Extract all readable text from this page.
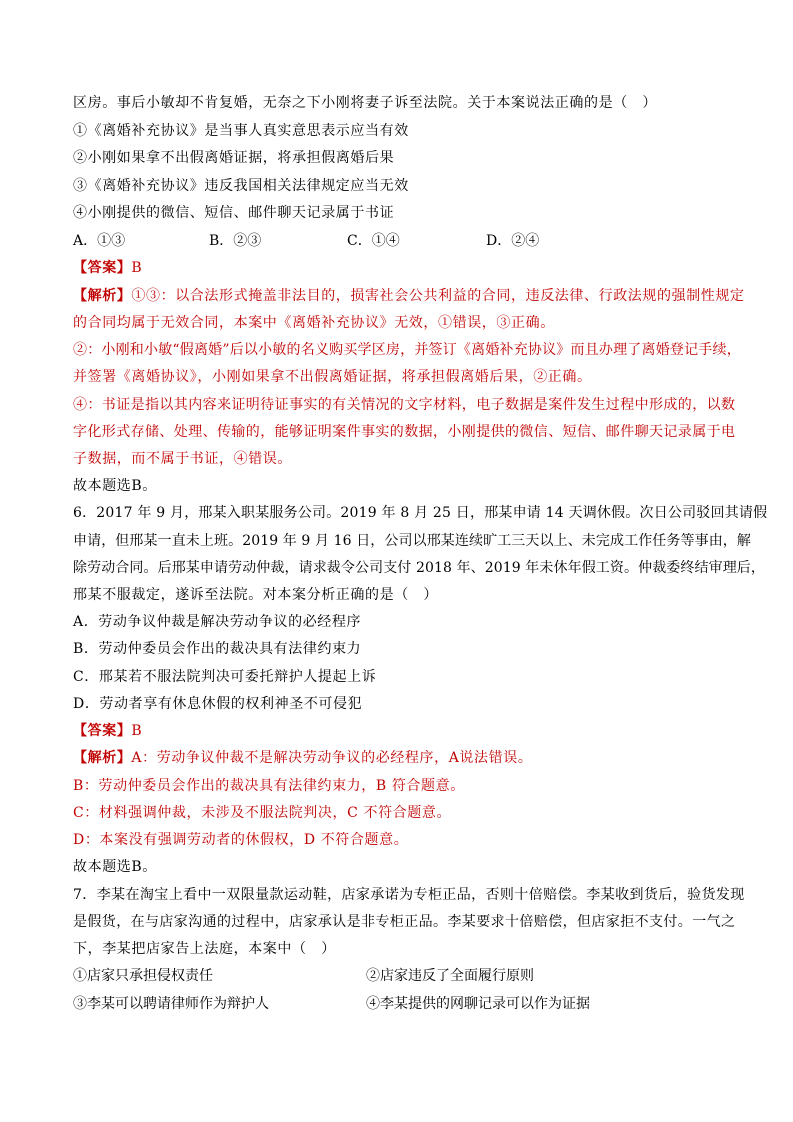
区房。事后小敏却不肯复婚，无奈之下小刚将妻子诉至法院。关于本案说法正确的是（　）
①《离婚补充协议》是当事人真实意思表示应当有效
②小刚如果拿不出假离婚证据，将承担假离婚后果
③《离婚补充协议》违反我国相关法律规定应当无效
④小刚提供的微信、短信、邮件聊天记录属于书证
A．①③	B．②③	C．①④	D．②④
【答案】B
【解析】①③：以合法形式掩盖非法目的，损害社会公共利益的合同，违反法律、行政法规的强制性规定
的合同均属于无效合同，本案中《离婚补充协议》无效，①错误，③正确。
②：小刚和小敏“假离婚”后以小敏的名义购买学区房，并签订《离婚补充协议》而且办理了离婚登记手续，
并签署《离婚协议》，小刚如果拿不出假离婚证据，将承担假离婚后果，②正确。
④：书证是指以其内容来证明待证事实的有关情况的文字材料，电子数据是案件发生过程中形成的，以数
字化形式存储、处理、传输的，能够证明案件事实的数据，小刚提供的微信、短信、邮件聊天记录属于电
子数据，而不属于书证，④错误。
故本题选B。
6．2017 年 9 月，邢某入职某服务公司。2019 年 8 月 25 日，邢某申请 14 天调休假。次日公司驳回其请假
申请，但邢某一直未上班。2019 年 9 月 16 日，公司以邢某连续旷工三天以上、未完成工作任务等事由，解
除劳动合同。后邢某申请劳动仲裁，请求裁令公司支付 2018 年、2019 年未休年假工资。仲裁委终结审理后，
邢某不服裁定，遂诉至法院。对本案分析正确的是（　）
A．劳动争议仲裁是解决劳动争议的必经程序
B．劳动仲委员会作出的裁决具有法律约束力
C．邢某若不服法院判决可委托辩护人提起上诉
D．劳动者享有休息休假的权利神圣不可侵犯
【答案】B
【解析】A：劳动争议仲裁不是解决劳动争议的必经程序，A说法错误。
B：劳动仲委员会作出的裁决具有法律约束力，B 符合题意。
C：材料强调仲裁，未涉及不服法院判决，C 不符合题意。
D：本案没有强调劳动者的休假权，D 不符合题意。
故本题选B。
7．李某在淘宝上看中一双限量款运动鞋，店家承诺为专柜正品，否则十倍赔偿。李某收到货后，验货发现
是假货，在与店家沟通的过程中，店家承认是非专柜正品。李某要求十倍赔偿，但店家拒不支付。一气之
下，李某把店家告上法庭，本案中（　）
①店家只承担侵权责任	②店家违反了全面履行原则
③李某可以聘请律师作为辩护人	④李某提供的网聊记录可以作为证据
